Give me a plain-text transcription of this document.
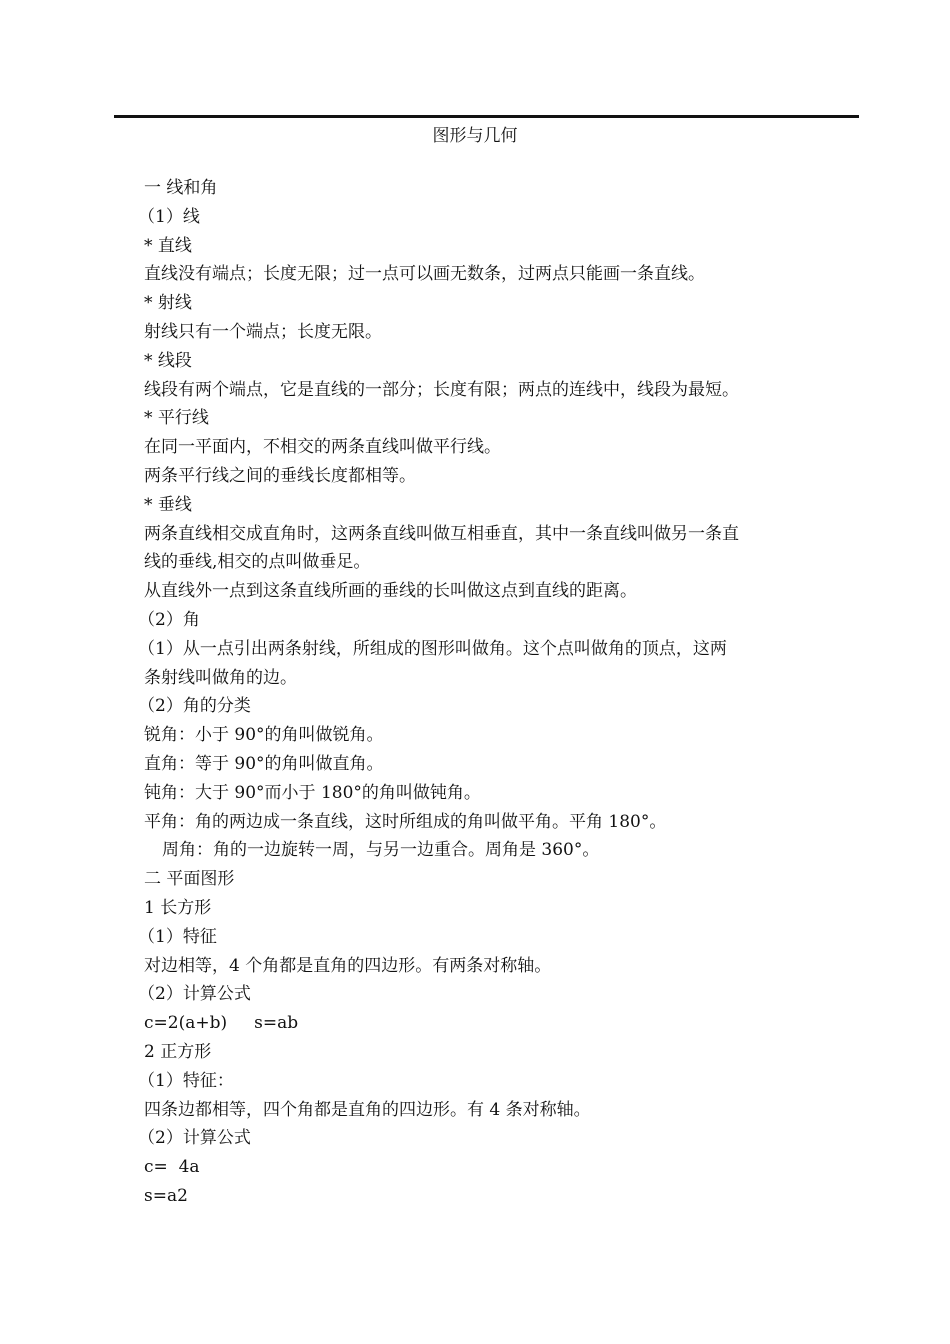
图形与几何
一 线和角
（1）线
* 直线
直线没有端点；长度无限；过一点可以画无数条，过两点只能画一条直线。
* 射线
射线只有一个端点；长度无限。
* 线段
线段有两个端点，它是直线的一部分；长度有限；两点的连线中，线段为最短。
* 平行线
在同一平面内，不相交的两条直线叫做平行线。
两条平行线之间的垂线长度都相等。
* 垂线
两条直线相交成直角时，这两条直线叫做互相垂直，其中一条直线叫做另一条直
线的垂线,相交的点叫做垂足。
从直线外一点到这条直线所画的垂线的长叫做这点到直线的距离。
（2）角
（1）从一点引出两条射线，所组成的图形叫做角。这个点叫做角的顶点，这两
条射线叫做角的边。
（2）角的分类
锐角：小于 90°的角叫做锐角。
直角：等于 90°的角叫做直角。
钝角：大于 90°而小于 180°的角叫做钝角。
平角：角的两边成一条直线，这时所组成的角叫做平角。平角 180°。
周角：角的一边旋转一周，与另一边重合。周角是 360°。
二 平面图形
1 长方形
（1）特征
对边相等，4 个角都是直角的四边形。有两条对称轴。
（2）计算公式
c=2(a+b)     s=ab
2 正方形
（1）特征：
四条边都相等，四个角都是直角的四边形。有 4 条对称轴。
（2）计算公式
c=  4a
s=a2
